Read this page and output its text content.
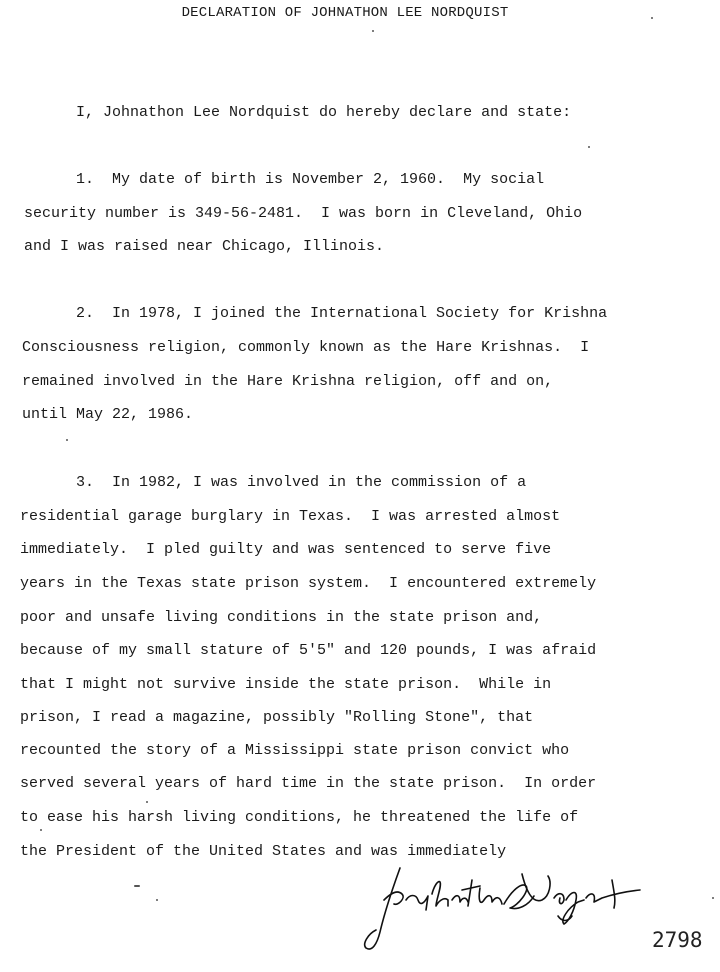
DECLARATION OF JOHNATHON LEE NORDQUIST
I, Johnathon Lee Nordquist do hereby declare and state:
1.  My date of birth is November 2, 1960.  My social
security number is 349-56-2481.  I was born in Cleveland, Ohio
and I was raised near Chicago, Illinois.
2.  In 1978, I joined the International Society for Krishna
Consciousness religion, commonly known as the Hare Krishnas.  I
remained involved in the Hare Krishna religion, off and on,
until May 22, 1986.
3.  In 1982, I was involved in the commission of a
residential garage burglary in Texas.  I was arrested almost
immediately.  I pled guilty and was sentenced to serve five
years in the Texas state prison system.  I encountered extremely
poor and unsafe living conditions in the state prison and,
because of my small stature of 5'5" and 120 pounds, I was afraid
that I might not survive inside the state prison.  While in
prison, I read a magazine, possibly "Rolling Stone", that
recounted the story of a Mississippi state prison convict who
served several years of hard time in the state prison.  In order
to ease his harsh living conditions, he threatened the life of
the President of the United States and was immediately
2798
